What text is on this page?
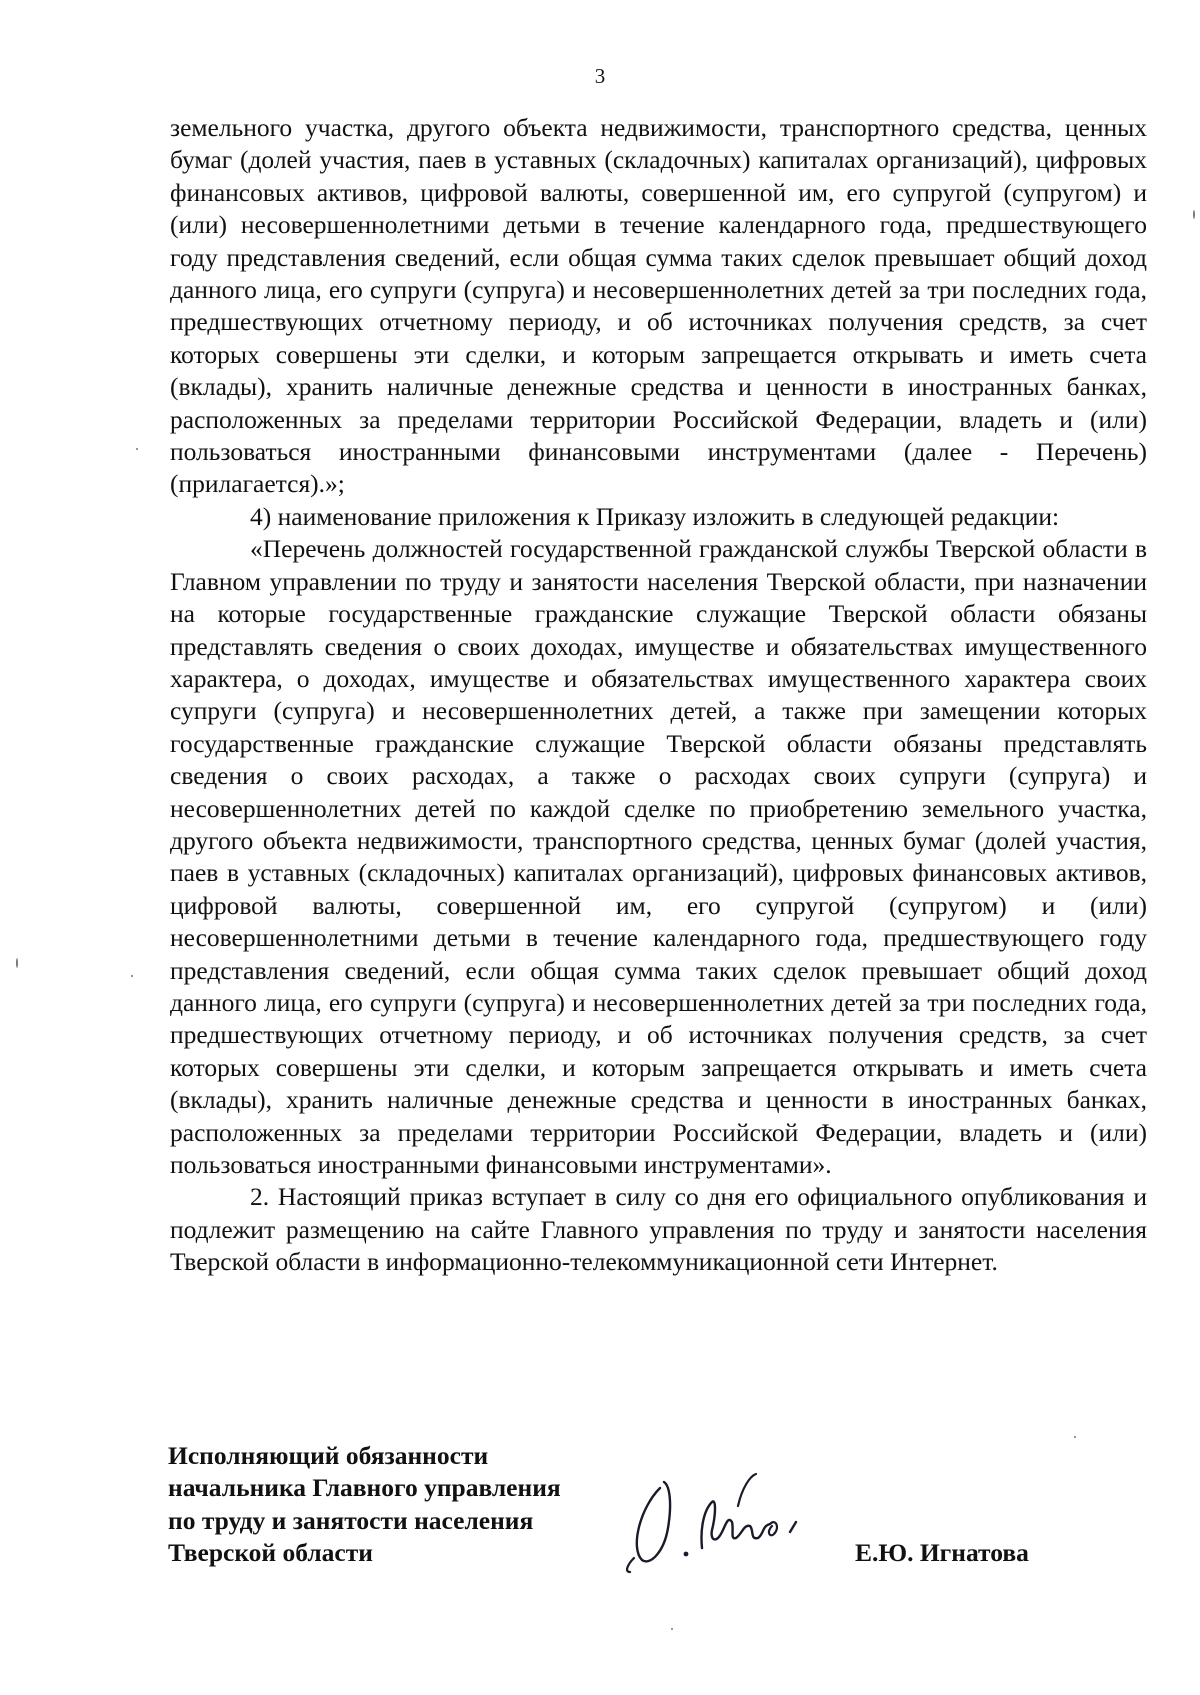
3

земельного участка, другого объекта недвижимости, транспортного средства, ценных бумаг (долей участия, паев в уставных (складочных) капиталах организаций), цифровых финансовых активов, цифровой валюты, совершенной им, его супругой (супругом) и (или) несовершеннолетними детьми в течение календарного года, предшествующего году представления сведений, если общая сумма таких сделок превышает общий доход данного лица, его супруги (супруга) и несовершеннолетних детей за три последних года, предшествующих отчетному периоду, и об источниках получения средств, за счет которых совершены эти сделки, и которым запрещается открывать и иметь счета (вклады), хранить наличные денежные средства и ценности в иностранных банках, расположенных за пределами территории Российской Федерации, владеть и (или) пользоваться иностранными финансовыми инструментами (далее - Перечень) (прилагается).»;

4) наименование приложения к Приказу изложить в следующей редакции:

«Перечень должностей государственной гражданской службы Тверской области в Главном управлении по труду и занятости населения Тверской области, при назначении на которые государственные гражданские служащие Тверской области обязаны представлять сведения о своих доходах, имуществе и обязательствах имущественного характера, о доходах, имуществе и обязательствах имущественного характера своих супруги (супруга) и несовершеннолетних детей, а также при замещении которых государственные гражданские служащие Тверской области обязаны представлять сведения о своих расходах, а также о расходах своих супруги (супруга) и несовершеннолетних детей по каждой сделке по приобретению земельного участка, другого объекта недвижимости, транспортного средства, ценных бумаг (долей участия, паев в уставных (складочных) капиталах организаций), цифровых финансовых активов, цифровой валюты, совершенной им, его супругой (супругом) и (или) несовершеннолетними детьми в течение календарного года, предшествующего году представления сведений, если общая сумма таких сделок превышает общий доход данного лица, его супруги (супруга) и несовершеннолетних детей за три последних года, предшествующих отчетному периоду, и об источниках получения средств, за счет которых совершены эти сделки, и которым запрещается открывать и иметь счета (вклады), хранить наличные денежные средства и ценности в иностранных банках, расположенных за пределами территории Российской Федерации, владеть и (или) пользоваться иностранными финансовыми инструментами».

2. Настоящий приказ вступает в силу со дня его официального опубликования и подлежит размещению на сайте Главного управления по труду и занятости населения Тверской области в информационно-телекоммуникационной сети Интернет.

Исполняющий обязанности
начальника Главного управления
по труду и занятости населения
Тверской области	Е.Ю. Игнатова
